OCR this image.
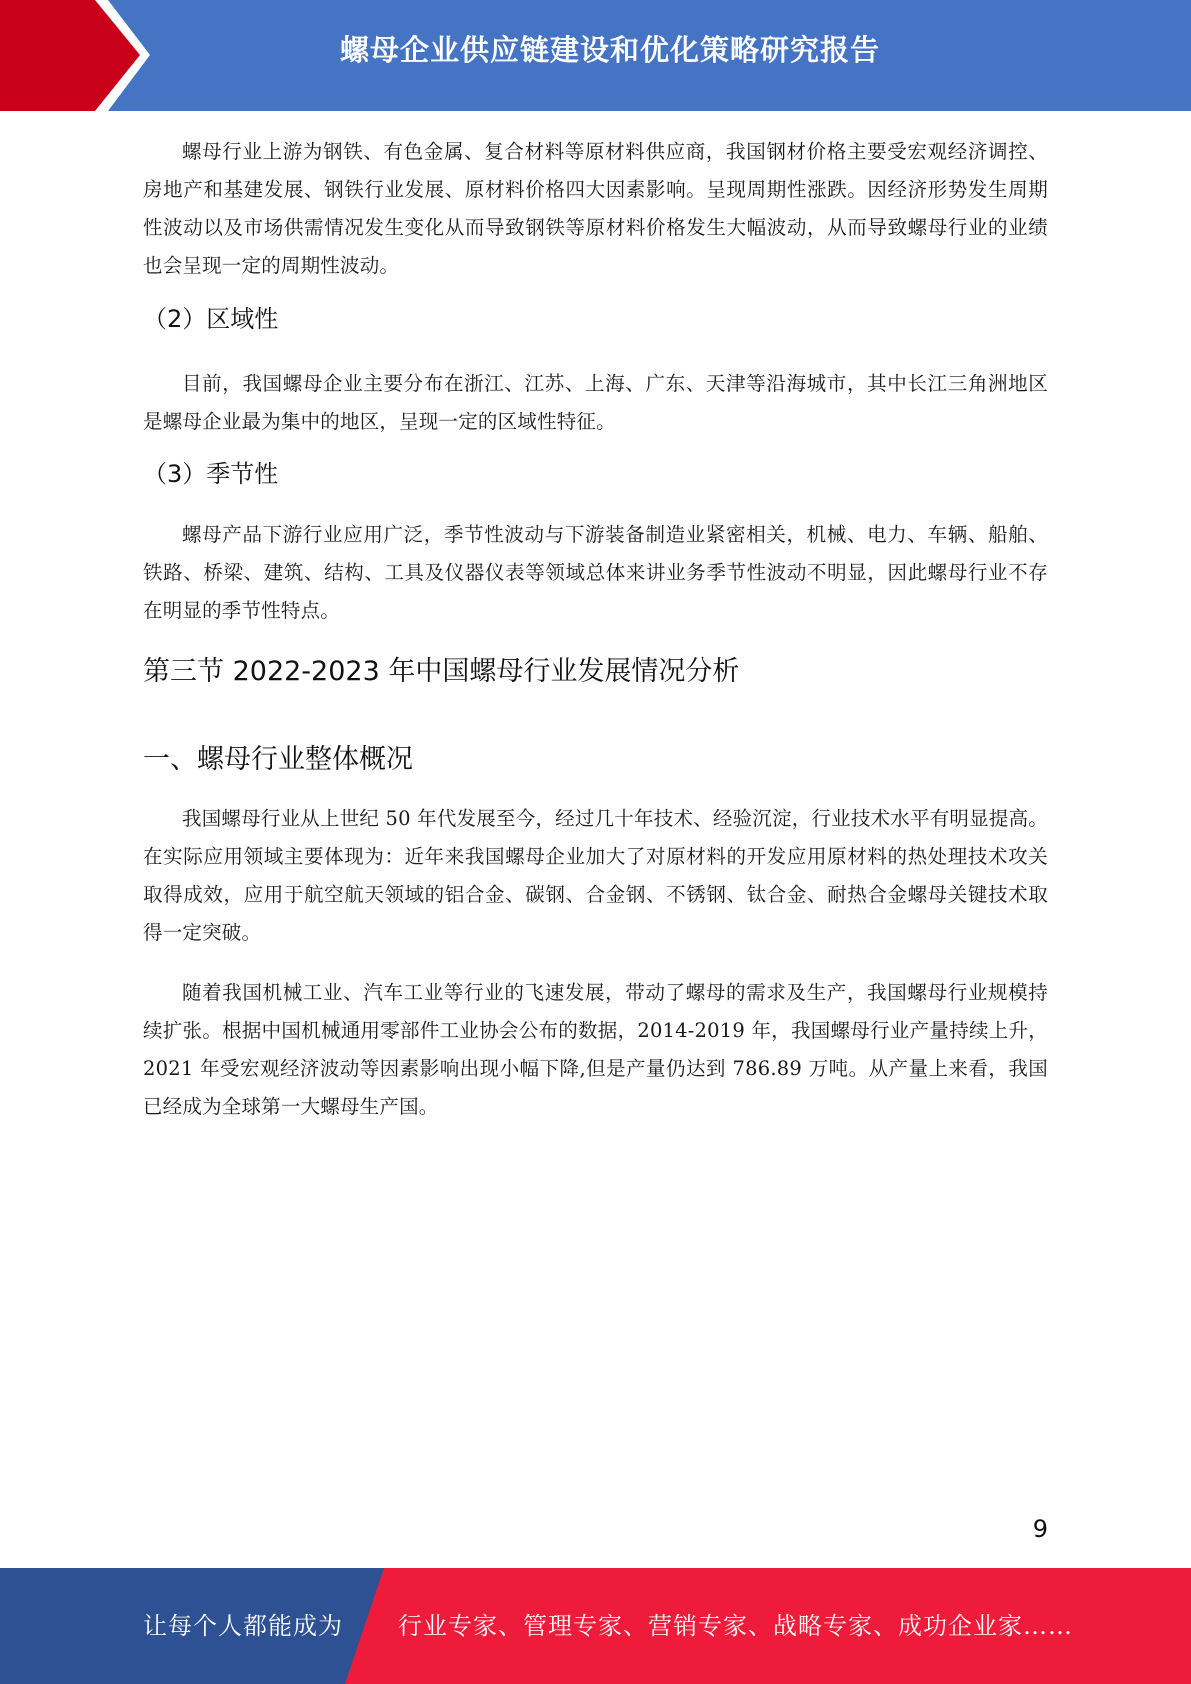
螺母企业供应链建设和优化策略研究报告

螺母行业上游为钢铁、有色金属、复合材料等原材料供应商，我国钢材价格主要受宏观经济调控、房地产和基建发展、钢铁行业发展、原材料价格四大因素影响。呈现周期性涨跌。因经济形势发生周期性波动以及市场供需情况发生变化从而导致钢铁等原材料价格发生大幅波动，从而导致螺母行业的业绩也会呈现一定的周期性波动。

（2）区域性

目前，我国螺母企业主要分布在浙江、江苏、上海、广东、天津等沿海城市，其中长江三角洲地区是螺母企业最为集中的地区，呈现一定的区域性特征。

（3）季节性

螺母产品下游行业应用广泛，季节性波动与下游装备制造业紧密相关，机械、电力、车辆、船舶、铁路、桥梁、建筑、结构、工具及仪器仪表等领域总体来讲业务季节性波动不明显，因此螺母行业不存在明显的季节性特点。

第三节 2022-2023 年中国螺母行业发展情况分析
一、螺母行业整体概况

我国螺母行业从上世纪 50 年代发展至今，经过几十年技术、经验沉淀，行业技术水平有明显提高。在实际应用领域主要体现为：近年来我国螺母企业加大了对原材料的开发应用原材料的热处理技术攻关取得成效，应用于航空航天领域的铝合金、碳钢、合金钢、不锈钢、钛合金、耐热合金螺母关键技术取得一定突破。

随着我国机械工业、汽车工业等行业的飞速发展，带动了螺母的需求及生产，我国螺母行业规模持续扩张。根据中国机械通用零部件工业协会公布的数据，2014-2019 年，我国螺母行业产量持续上升，2021 年受宏观经济波动等因素影响出现小幅下降,但是产量仍达到 786.89 万吨。从产量上来看，我国已经成为全球第一大螺母生产国。

9
让每个人都能成为 行业专家、管理专家、营销专家、战略专家、成功企业家……
